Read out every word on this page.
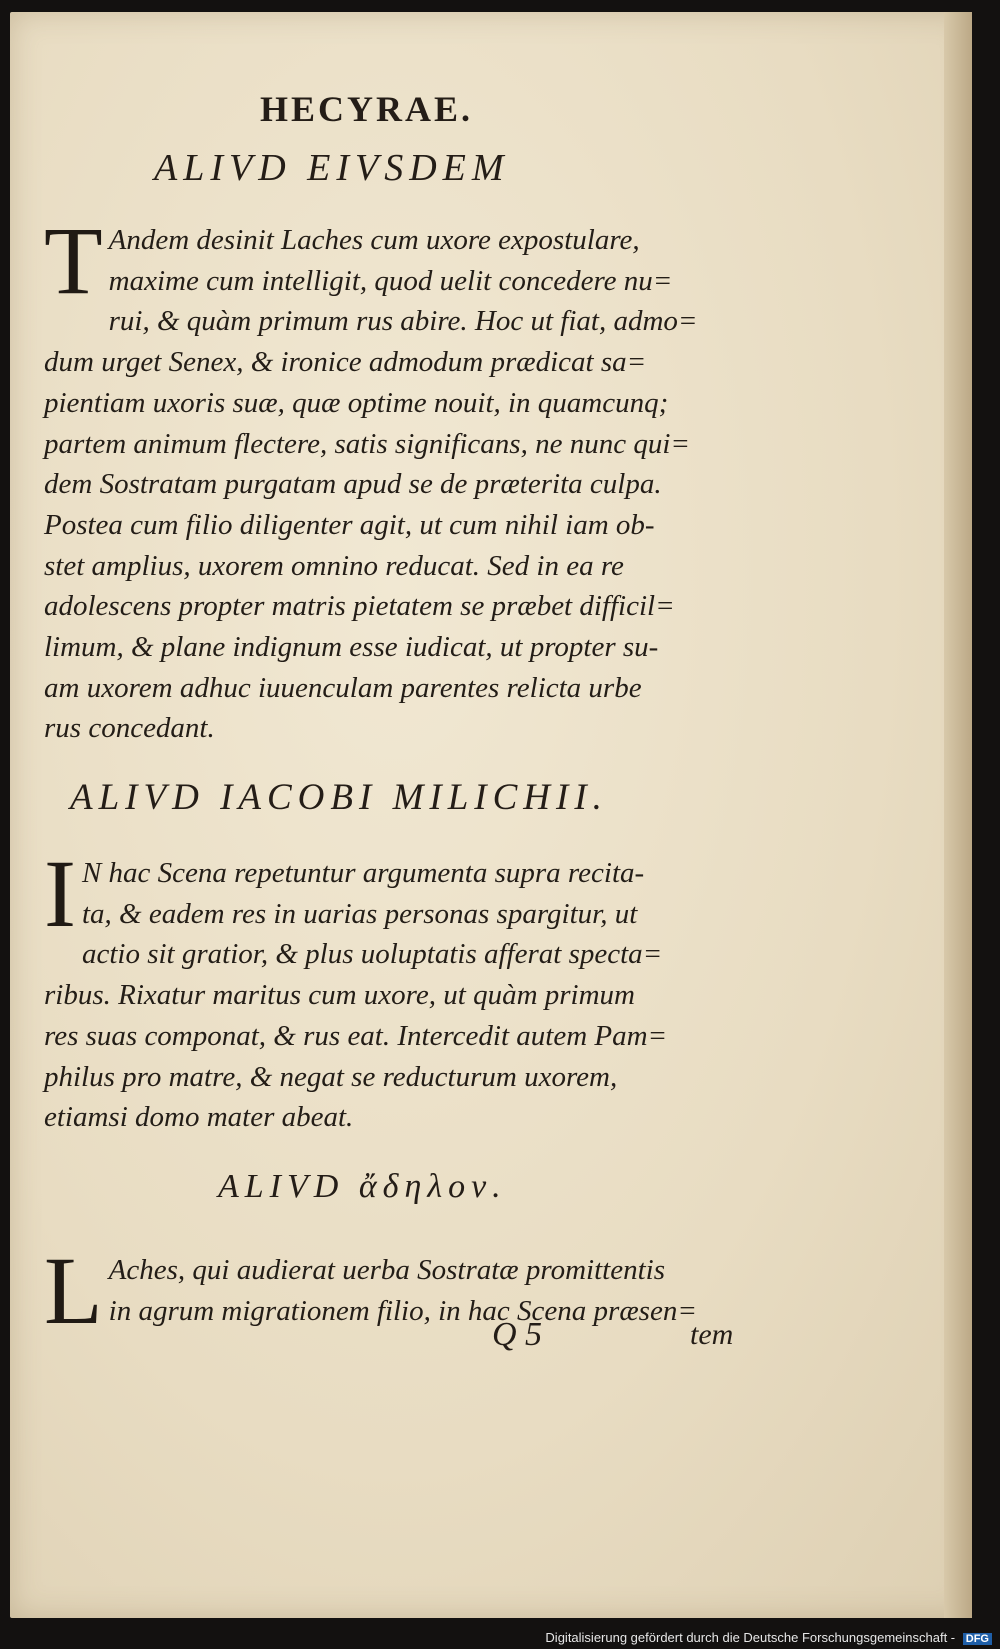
HECYRAE.
ALIVD EIVSDEM
T Andem desinit Laches cum uxore expostulare,
maxime cum intelligit, quod uelit concedere nu=
rui, & quàm primum rus abire. Hoc ut fiat, admo=
dum urget Senex, & ironice admodum prædicat sa=
pientiam uxoris suæ, quæ optime nouit, in quamcunq;
partem animum flectere, satis significans, ne nunc qui=
dem Sostratam purgatam apud se de præterita culpa.
Postea cum filio diligenter agit, ut cum nihil iam ob-
stet amplius, uxorem omnino reducat. Sed in ea re
adolescens propter matris pietatem se præbet difficil=
limum, & plane indignum esse iudicat, ut propter su-
am uxorem adhuc iuuenculam parentes relicta urbe
rus concedant.
ALIVD IACOBI MILICHII.
I N hac Scena repetuntur argumenta supra recita-
ta, & eadem res in uarias personas spargitur, ut
actio sit gratior, & plus uoluptatis afferat specta=
ribus. Rixatur maritus cum uxore, ut quàm primum
res suas componat, & rus eat. Intercedit autem Pam=
philus pro matre, & negat se reducturum uxorem,
etiamsi domo mater abeat.
ALIVD ἄδηλον.
L Aches, qui audierat uerba Sostratæ promittentis
in agrum migrationem filio, in hac Scena præsen=
Q 5	tem
Digitalisierung gefördert durch die Deutsche Forschungsgemeinschaft - DFG
